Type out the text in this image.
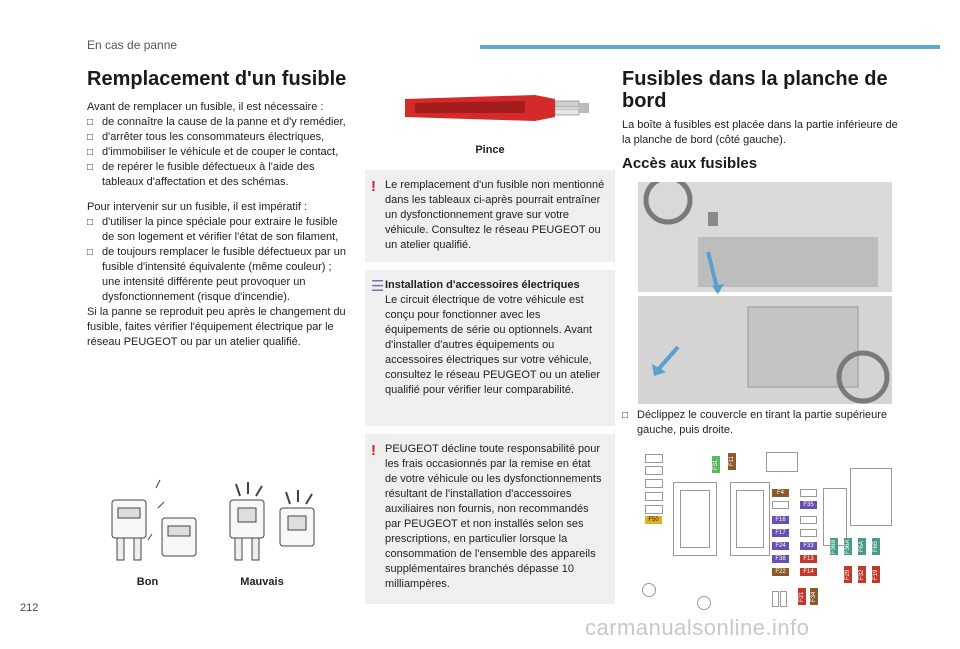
En cas de panne
Remplacement d'un fusible

Avant de remplacer un fusible, il est nécessaire :

□ de connaître la cause de la panne et d'y remédier,
□ d'arrêter tous les consommateurs électriques,
□ d'immobiliser le véhicule et de couper le contact,
□ de repérer le fusible défectueux à l'aide des tableaux d'affectation et des schémas.

Pour intervenir sur un fusible, il est impératif :

□ d'utiliser la pince spéciale pour extraire le fusible de son logement et vérifier l'état de son filament,
□ de toujours remplacer le fusible défectueux par un fusible d'intensité équivalente (même couleur) ; une intensité différente peut provoquer un dysfonctionnement (risque d'incendie).

Si la panne se reproduit peu après le changement du fusible, faites vérifier l'équipement électrique par le réseau PEUGEOT ou par un atelier qualifié.

Bon	Mauvais
Pince
! Le remplacement d'un fusible non mentionné dans les tableaux ci-après pourrait entraîner un dysfonctionnement grave sur votre véhicule. Consultez le réseau PEUGEOT ou un atelier qualifié.
☰ Installation d'accessoires électriques
Le circuit électrique de votre véhicule est conçu pour fonctionner avec les équipements de série ou optionnels. Avant d'installer d'autres équipements ou accessoires électriques sur votre véhicule, consultez le réseau PEUGEOT ou un atelier qualifié pour vérifier leur comparabilité.
! PEUGEOT décline toute responsabilité pour les frais occasionnés par la remise en état de votre véhicule ou les dysfonctionnements résultant de l'installation d'accessoires auxiliaires non fournis, non recommandés par PEUGEOT et non installés selon ses prescriptions, en particulier lorsque la consommation de l'ensemble des appareils supplémentaires branchés dépasse 10 milliampères.
Fusibles dans la planche de bord
La boîte à fusibles est placée dans la partie inférieure de la planche de bord (côté gauche).
Accès aux fusibles
□ Déclippez le couvercle en tirant la partie supérieure gauche, puis droite.
F50
F31 F11
F4
F35
F16
F17
F24	F33
F38	F13
F22	F14
F36B F36A F6A F6B
F29 F32 F19
F21 F34
212
carmanualsonline.info
